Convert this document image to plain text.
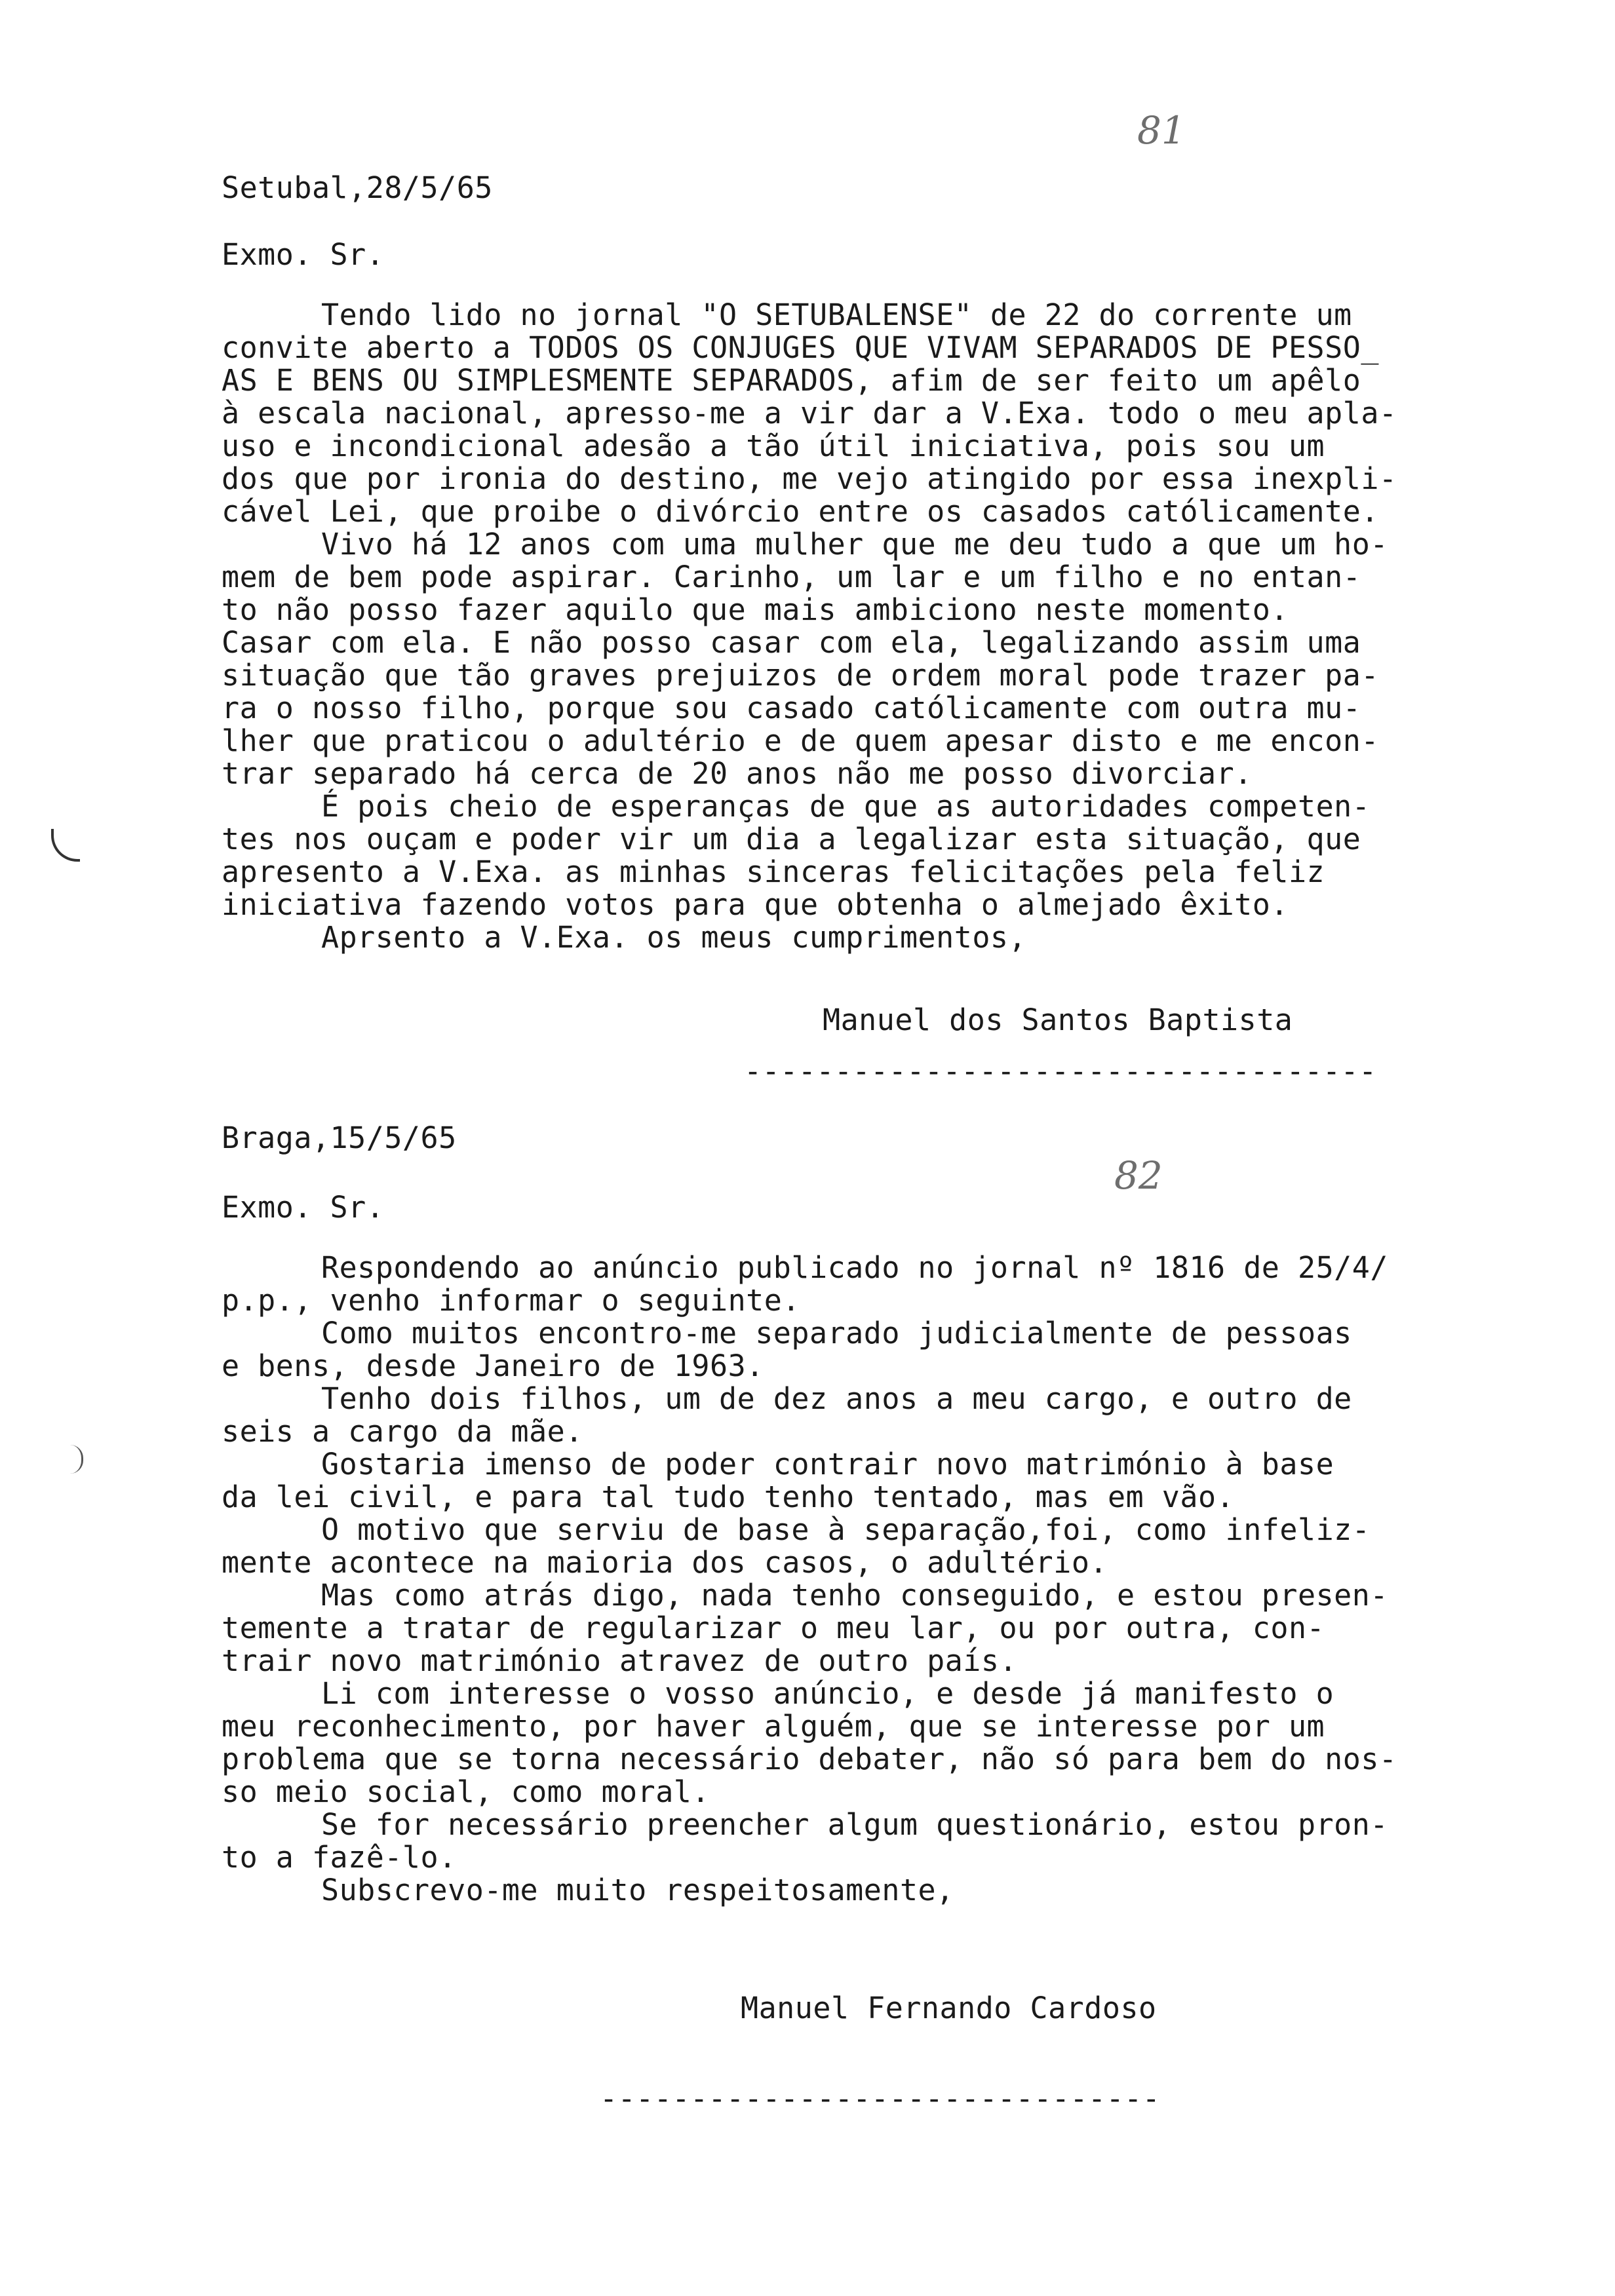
81
82
Setubal,28/5/65
Exmo. Sr.
Tendo lido no jornal "O SETUBALENSE" de 22 do corrente um
convite aberto a TODOS OS CONJUGES QUE VIVAM SEPARADOS DE PESSO_
AS E BENS OU SIMPLESMENTE SEPARADOS, afim de ser feito um apêlo
à escala nacional, apresso-me a vir dar a V.Exa. todo o meu apla-
uso e incondicional adesão a tão útil iniciativa, pois sou um
dos que por ironia do destino, me vejo atingido por essa inexpli-
cável Lei, que proibe o divórcio entre os casados católicamente.
Vivo há 12 anos com uma mulher que me deu tudo a que um ho-
mem de bem pode aspirar. Carinho, um lar e um filho e no entan-
to não posso fazer aquilo que mais ambiciono neste momento.
Casar com ela. E não posso casar com ela, legalizando assim uma
situação que tão graves prejuizos de ordem moral pode trazer pa-
ra o nosso filho, porque sou casado católicamente com outra mu-
lher que praticou o adultério e de quem apesar disto e me encon-
trar separado há cerca de 20 anos não me posso divorciar.
É pois cheio de esperanças de que as autoridades competen-
tes nos ouçam e poder vir um dia a legalizar esta situação, que
apresento a V.Exa. as minhas sinceras felicitações pela feliz
iniciativa fazendo votos para que obtenha o almejado êxito.
Aprsento a V.Exa. os meus cumprimentos,
Manuel dos Santos Baptista
-----------------------------------
Braga,15/5/65
Exmo. Sr.
Respondendo ao anúncio publicado no jornal nº 1816 de 25/4/
p.p., venho informar o seguinte.
Como muitos encontro-me separado judicialmente de pessoas
e bens, desde Janeiro de 1963.
Tenho dois filhos, um de dez anos a meu cargo, e outro de
seis a cargo da mãe.
Gostaria imenso de poder contrair novo matrimónio à base
da lei civil, e para tal tudo tenho tentado, mas em vão.
O motivo que serviu de base à separação,foi, como infeliz-
mente acontece na maioria dos casos, o adultério.
Mas como atrás digo, nada tenho conseguido, e estou presen-
temente a tratar de regularizar o meu lar, ou por outra, con-
trair novo matrimónio atravez de outro país.
Li com interesse o vosso anúncio, e desde já manifesto o
meu reconhecimento, por haver alguém, que se interesse por um
problema que se torna necessário debater, não só para bem do nos-
so meio social, como moral.
Se for necessário preencher algum questionário, estou pron-
to a fazê-lo.
Subscrevo-me muito respeitosamente,
Manuel Fernando Cardoso
-------------------------------
